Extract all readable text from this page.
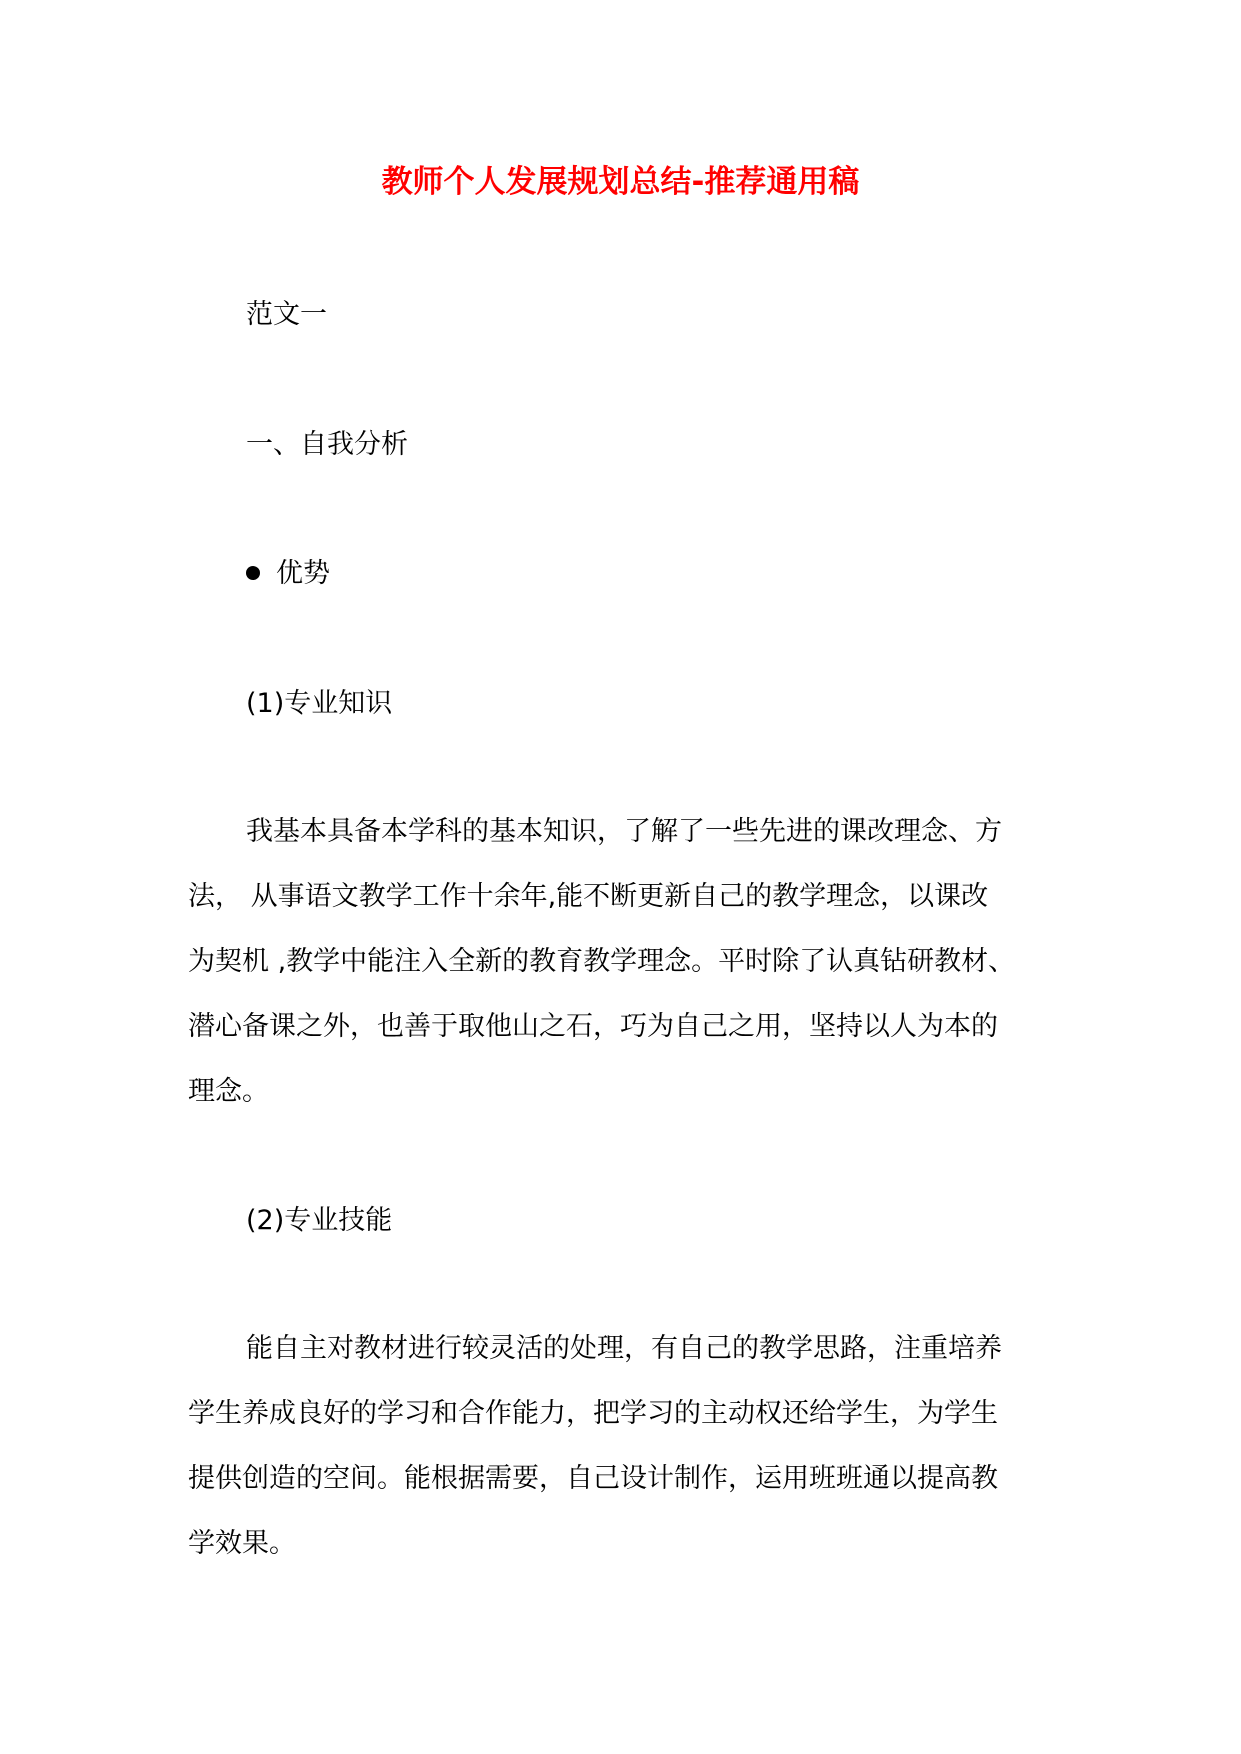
教师个人发展规划总结-推荐通用稿
范文一
一、自我分析
优势
(1)专业知识
我基本具备本学科的基本知识，了解了一些先进的课改理念、方
法， 从事语文教学工作十余年,能不断更新自己的教学理念，以课改
为契机 ,教学中能注入全新的教育教学理念。平时除了认真钻研教材、
潜心备课之外，也善于取他山之石，巧为自己之用，坚持以人为本的
理念。
(2)专业技能
能自主对教材进行较灵活的处理，有自己的教学思路，注重培养
学生养成良好的学习和合作能力，把学习的主动权还给学生，为学生
提供创造的空间。能根据需要，自己设计制作，运用班班通以提高教
学效果。
